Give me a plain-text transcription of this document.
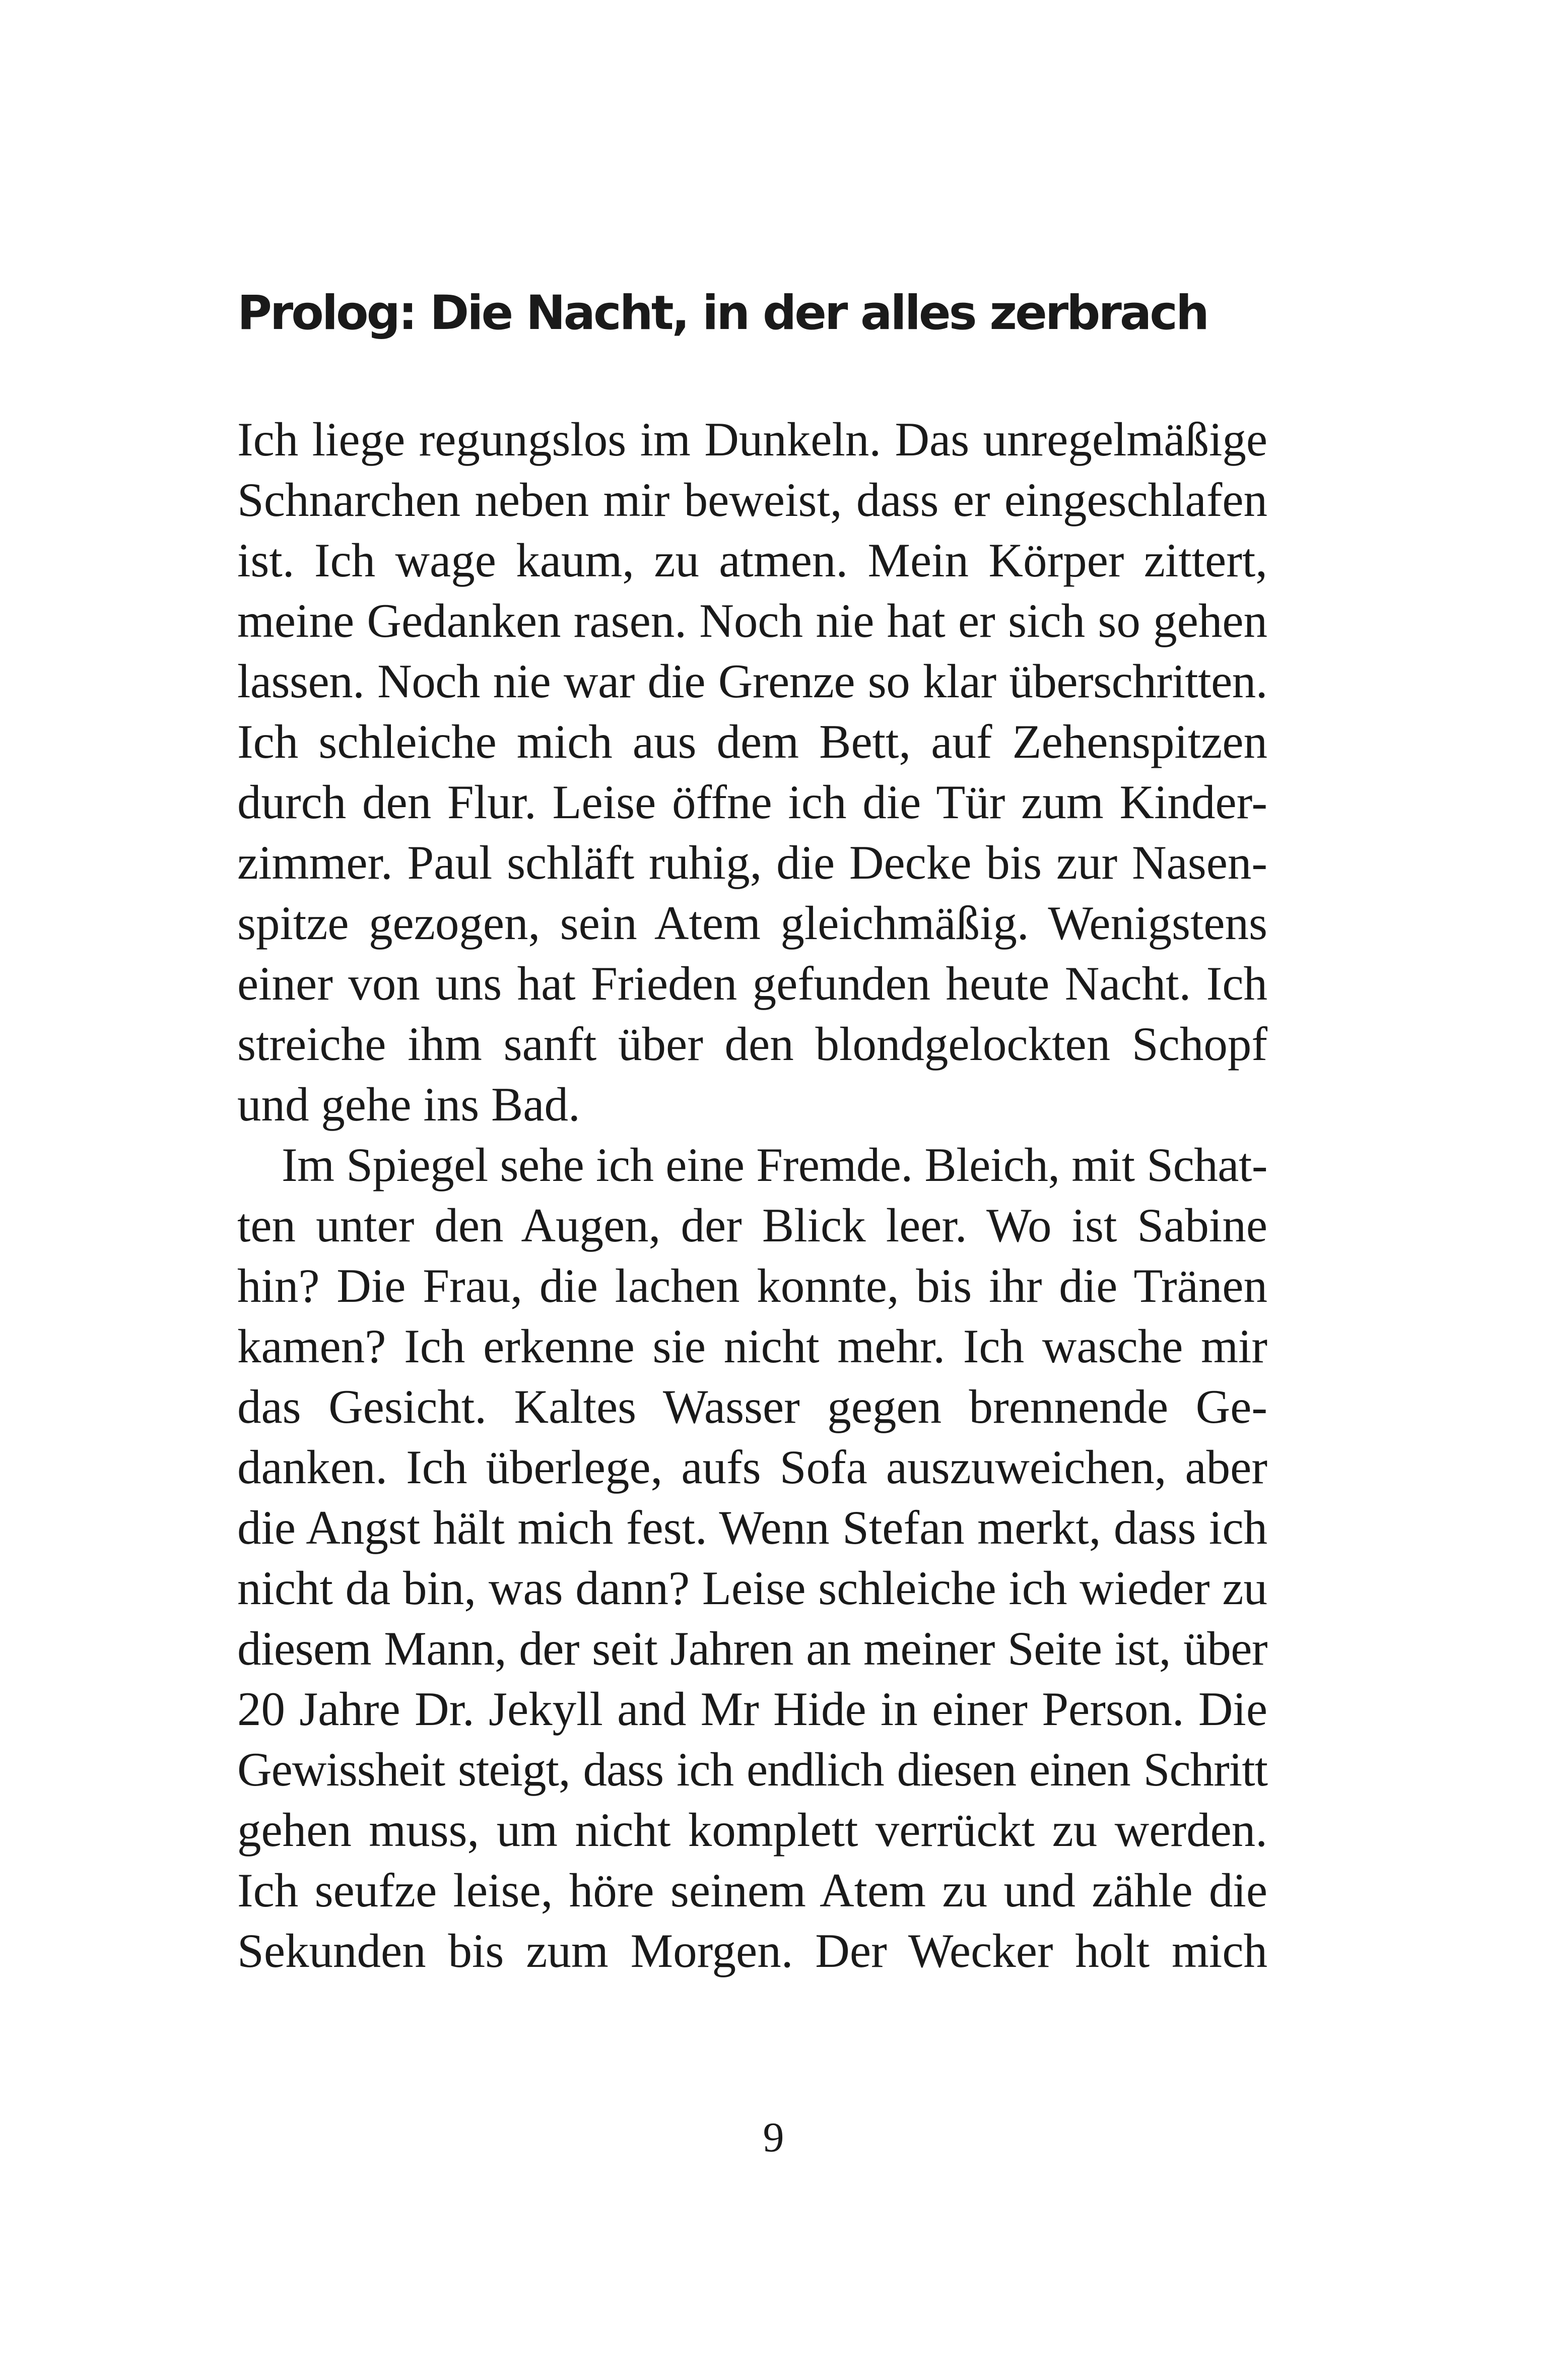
Prolog: Die Nacht, in der alles zerbrach
Ich liege regungslos im Dunkeln. Das unregelmäßige
Schnarchen neben mir beweist, dass er eingeschlafen
ist. Ich wage kaum, zu atmen. Mein Körper zittert,
meine Gedanken rasen. Noch nie hat er sich so gehen
lassen. Noch nie war die Grenze so klar überschritten.
Ich schleiche mich aus dem Bett, auf Zehenspitzen
durch den Flur. Leise öffne ich die Tür zum Kinder-
zimmer. Paul schläft ruhig, die Decke bis zur Nasen-
spitze gezogen, sein Atem gleichmäßig. Wenigstens
einer von uns hat Frieden gefunden heute Nacht. Ich
streiche ihm sanft über den blondgelockten Schopf
und gehe ins Bad.
Im Spiegel sehe ich eine Fremde. Bleich, mit Schat-
ten unter den Augen, der Blick leer. Wo ist Sabine
hin? Die Frau, die lachen konnte, bis ihr die Tränen
kamen? Ich erkenne sie nicht mehr. Ich wasche mir
das Gesicht. Kaltes Wasser gegen brennende Ge-
danken. Ich überlege, aufs Sofa auszuweichen, aber
die Angst hält mich fest. Wenn Stefan merkt, dass ich
nicht da bin, was dann? Leise schleiche ich wieder zu
diesem Mann, der seit Jahren an meiner Seite ist, über
20 Jahre Dr. Jekyll and Mr Hide in einer Person. Die
Gewissheit steigt, dass ich endlich diesen einen Schritt
gehen muss, um nicht komplett verrückt zu werden.
Ich seufze leise, höre seinem Atem zu und zähle die
Sekunden bis zum Morgen. Der Wecker holt mich
9
